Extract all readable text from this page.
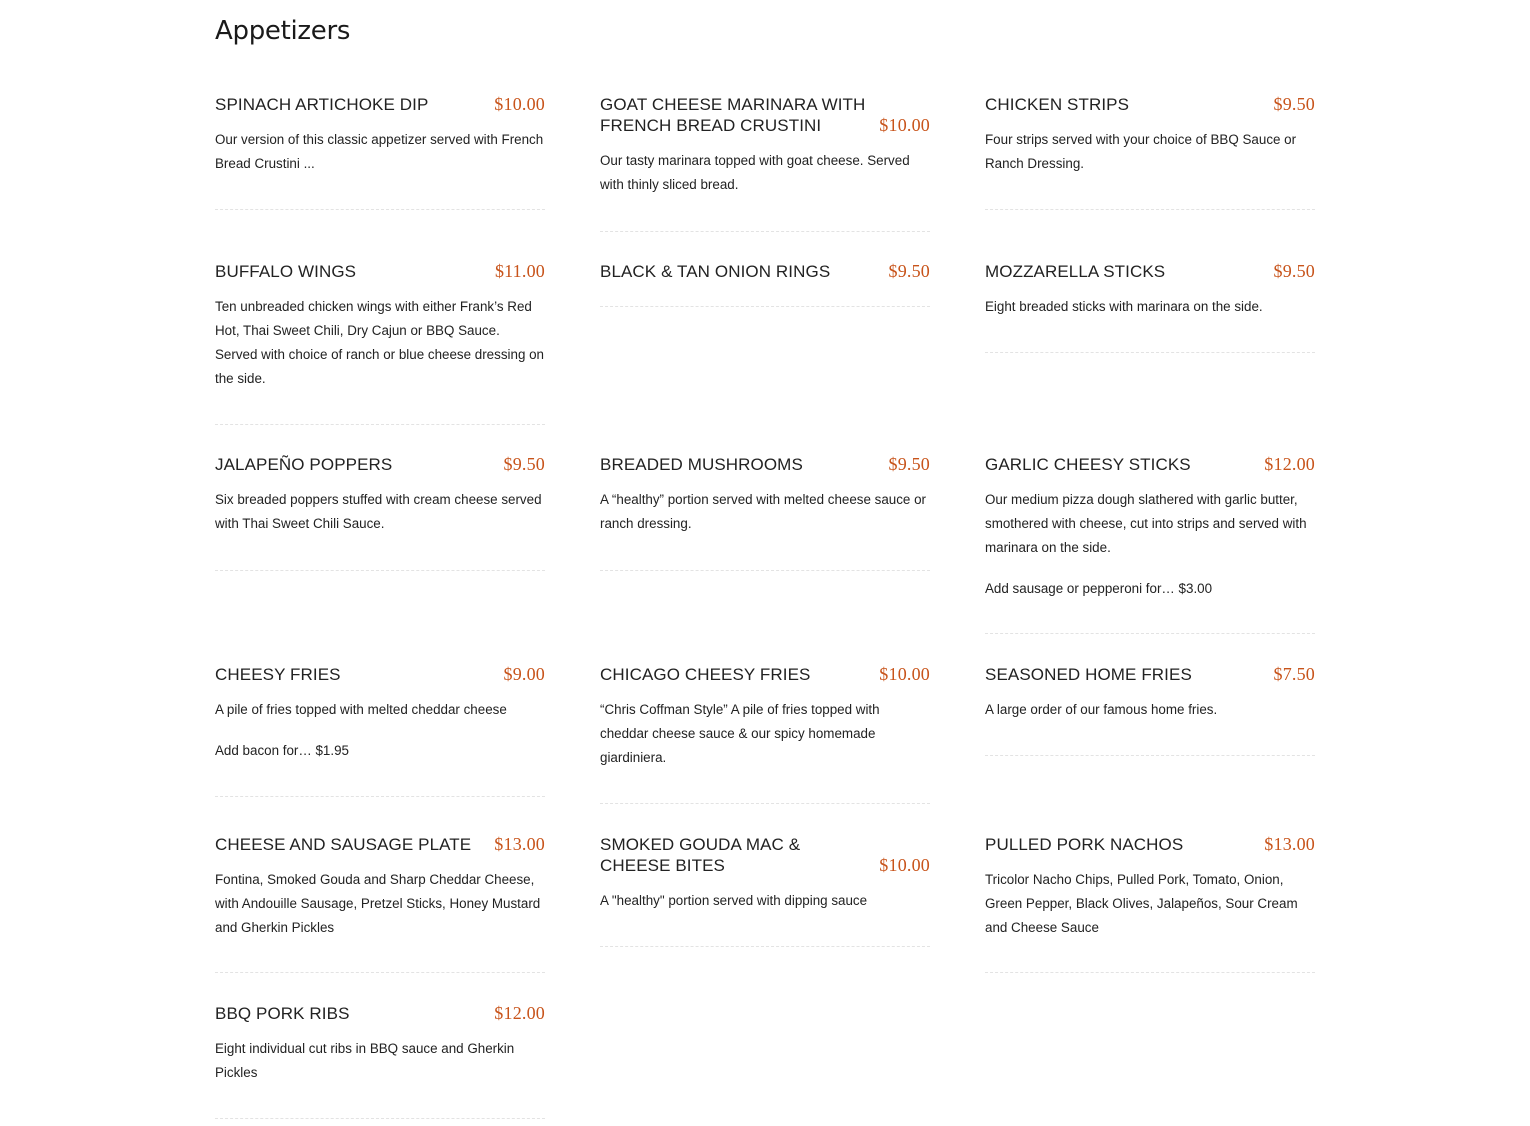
Appetizers
SPINACH ARTICHOKE DIP	$10.00

Our version of this classic appetizer served with French Bread Crustini ...

GOAT CHEESE MARINARA WITH FRENCH BREAD CRUSTINI	$10.00

Our tasty marinara topped with goat cheese. Served with thinly sliced bread.

CHICKEN STRIPS	$9.50

Four strips served with your choice of BBQ Sauce or Ranch Dressing.

BUFFALO WINGS	$11.00

Ten unbreaded chicken wings with either Frank’s Red Hot, Thai Sweet Chili, Dry Cajun or BBQ Sauce. Served with choice of ranch or blue cheese dressing on the side.

BLACK & TAN ONION RINGS	$9.50	MOZZARELLA STICKS	$9.50

Eight breaded sticks with marinara on the side.

JALAPEÑO POPPERS	$9.50

Six breaded poppers stuffed with cream cheese served with Thai Sweet Chili Sauce.

BREADED MUSHROOMS	$9.50

A “healthy” portion served with melted cheese sauce or ranch dressing.

GARLIC CHEESY STICKS	$12.00

Our medium pizza dough slathered with garlic butter, smothered with cheese, cut into strips and served with marinara on the side.

Add sausage or pepperoni for… $3.00

CHEESY FRIES	$9.00

A pile of fries topped with melted cheddar cheese

Add bacon for… $1.95

CHICAGO CHEESY FRIES	$10.00

“Chris Coffman Style” A pile of fries topped with cheddar cheese sauce & our spicy homemade giardiniera.

SEASONED HOME FRIES	$7.50

A large order of our famous home fries.

CHEESE AND SAUSAGE PLATE	$13.00

Fontina, Smoked Gouda and Sharp Cheddar Cheese, with Andouille Sausage, Pretzel Sticks, Honey Mustard and Gherkin Pickles

SMOKED GOUDA MAC & CHEESE BITES	$10.00

A "healthy" portion served with dipping sauce

PULLED PORK NACHOS	$13.00

Tricolor Nacho Chips, Pulled Pork, Tomato, Onion, Green Pepper, Black Olives, Jalapeños, Sour Cream and Cheese Sauce

BBQ PORK RIBS	$12.00

Eight individual cut ribs in BBQ sauce and Gherkin Pickles
